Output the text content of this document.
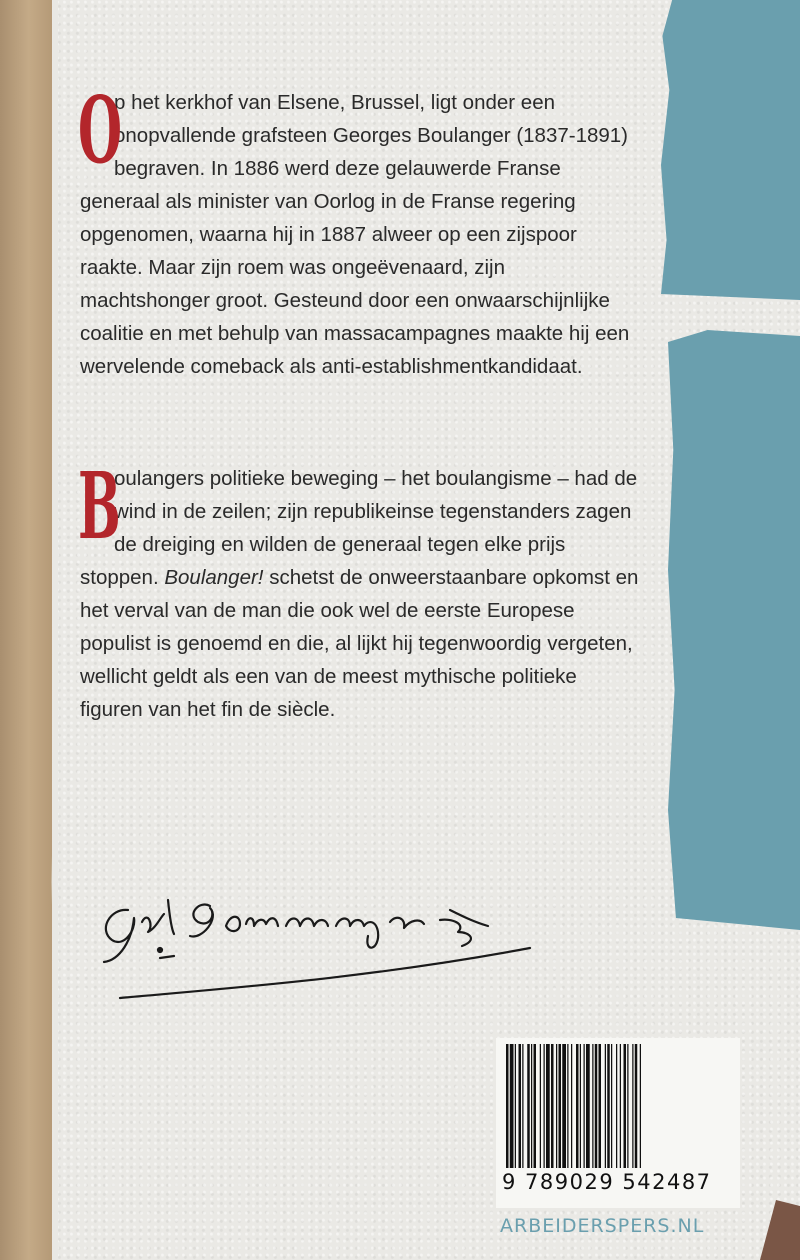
O

p het kerkhof van Elsene, Brussel, ligt onder een onopvallende grafsteen Georges Boulanger (1837-1891) begraven. In 1886 werd deze gelauwerde Franse generaal als minister van Oorlog in de Franse regering opgenomen, waarna hij in 1887 alweer op een zijspoor raakte. Maar zijn roem was ongeëvenaard, zijn machtshonger groot. Gesteund door een onwaarschijnlijke coalitie en met behulp van massacampagnes maakte hij een wervelende comeback als anti-establishmentkandidaat.

B

oulangers politieke beweging – het boulangisme – had de wind in de zeilen; zijn republikeinse tegenstanders zagen de dreiging en wilden de generaal tegen elke prijs stoppen. Boulanger! schetst de onweerstaanbare opkomst en het verval van de man die ook wel de eerste Europese populist is genoemd en die, al lijkt hij tegenwoordig vergeten, wellicht geldt als een van de meest mythische politieke figuren van het fin de siècle.

9 789029 542487
ARBEIDERSPERS.NL
